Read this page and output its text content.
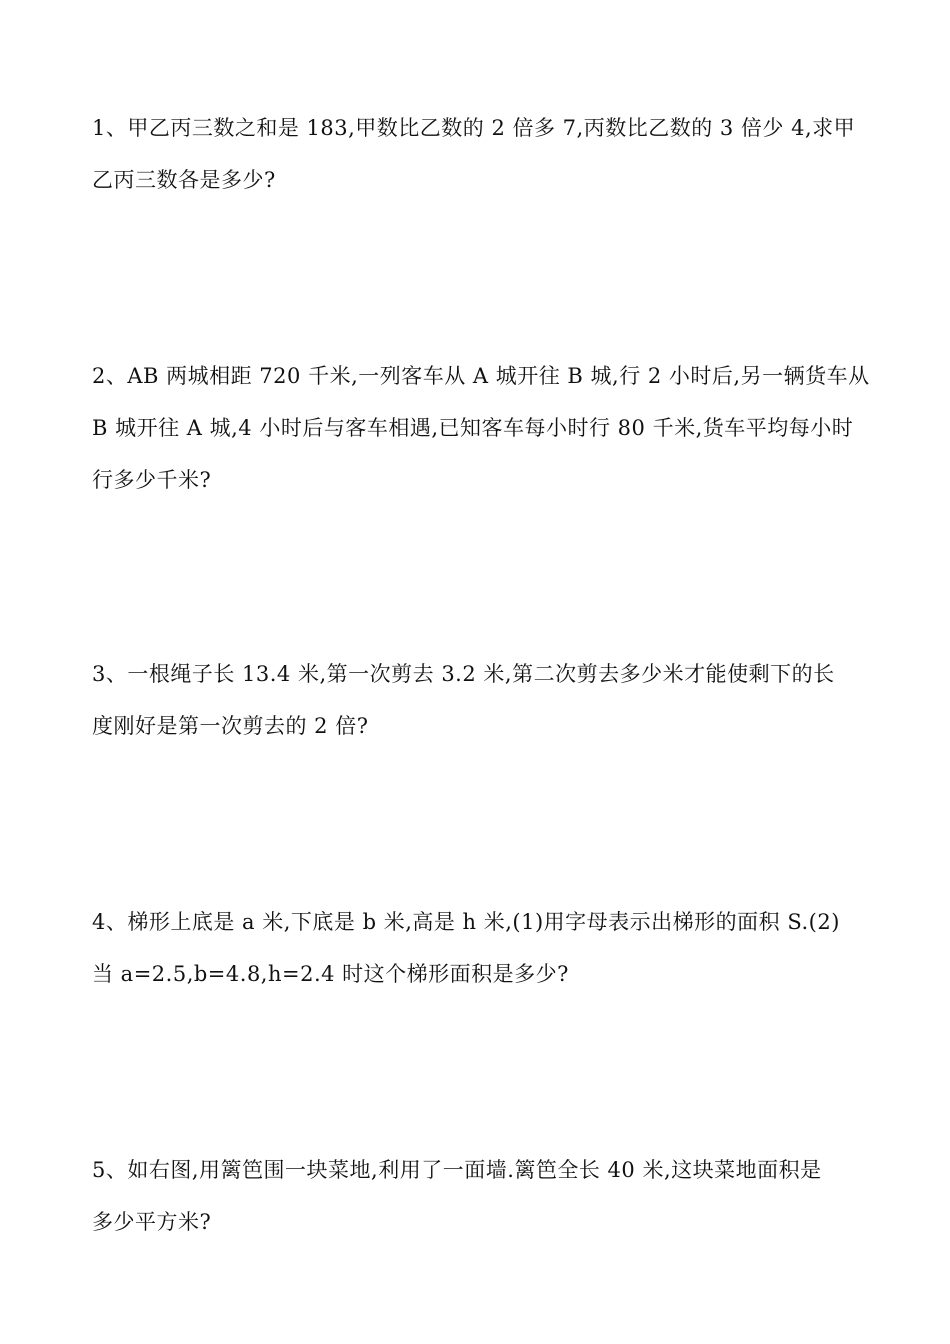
1、甲乙丙三数之和是 183,甲数比乙数的 2 倍多 7,丙数比乙数的 3 倍少 4,求甲

乙丙三数各是多少?

2、AB 两城相距 720 千米,一列客车从 A 城开往 B 城,行 2 小时后,另一辆货车从

B 城开往 A 城,4 小时后与客车相遇,已知客车每小时行 80 千米,货车平均每小时

行多少千米?

3、一根绳子长 13.4 米,第一次剪去 3.2 米,第二次剪去多少米才能使剩下的长

度刚好是第一次剪去的 2 倍?

4、梯形上底是 a 米,下底是 b 米,高是 h 米,(1)用字母表示出梯形的面积 S.(2)

当 a=2.5,b=4.8,h=2.4 时这个梯形面积是多少?

5、如右图,用篱笆围一块菜地,利用了一面墙.篱笆全长 40 米,这块菜地面积是

多少平方米?
